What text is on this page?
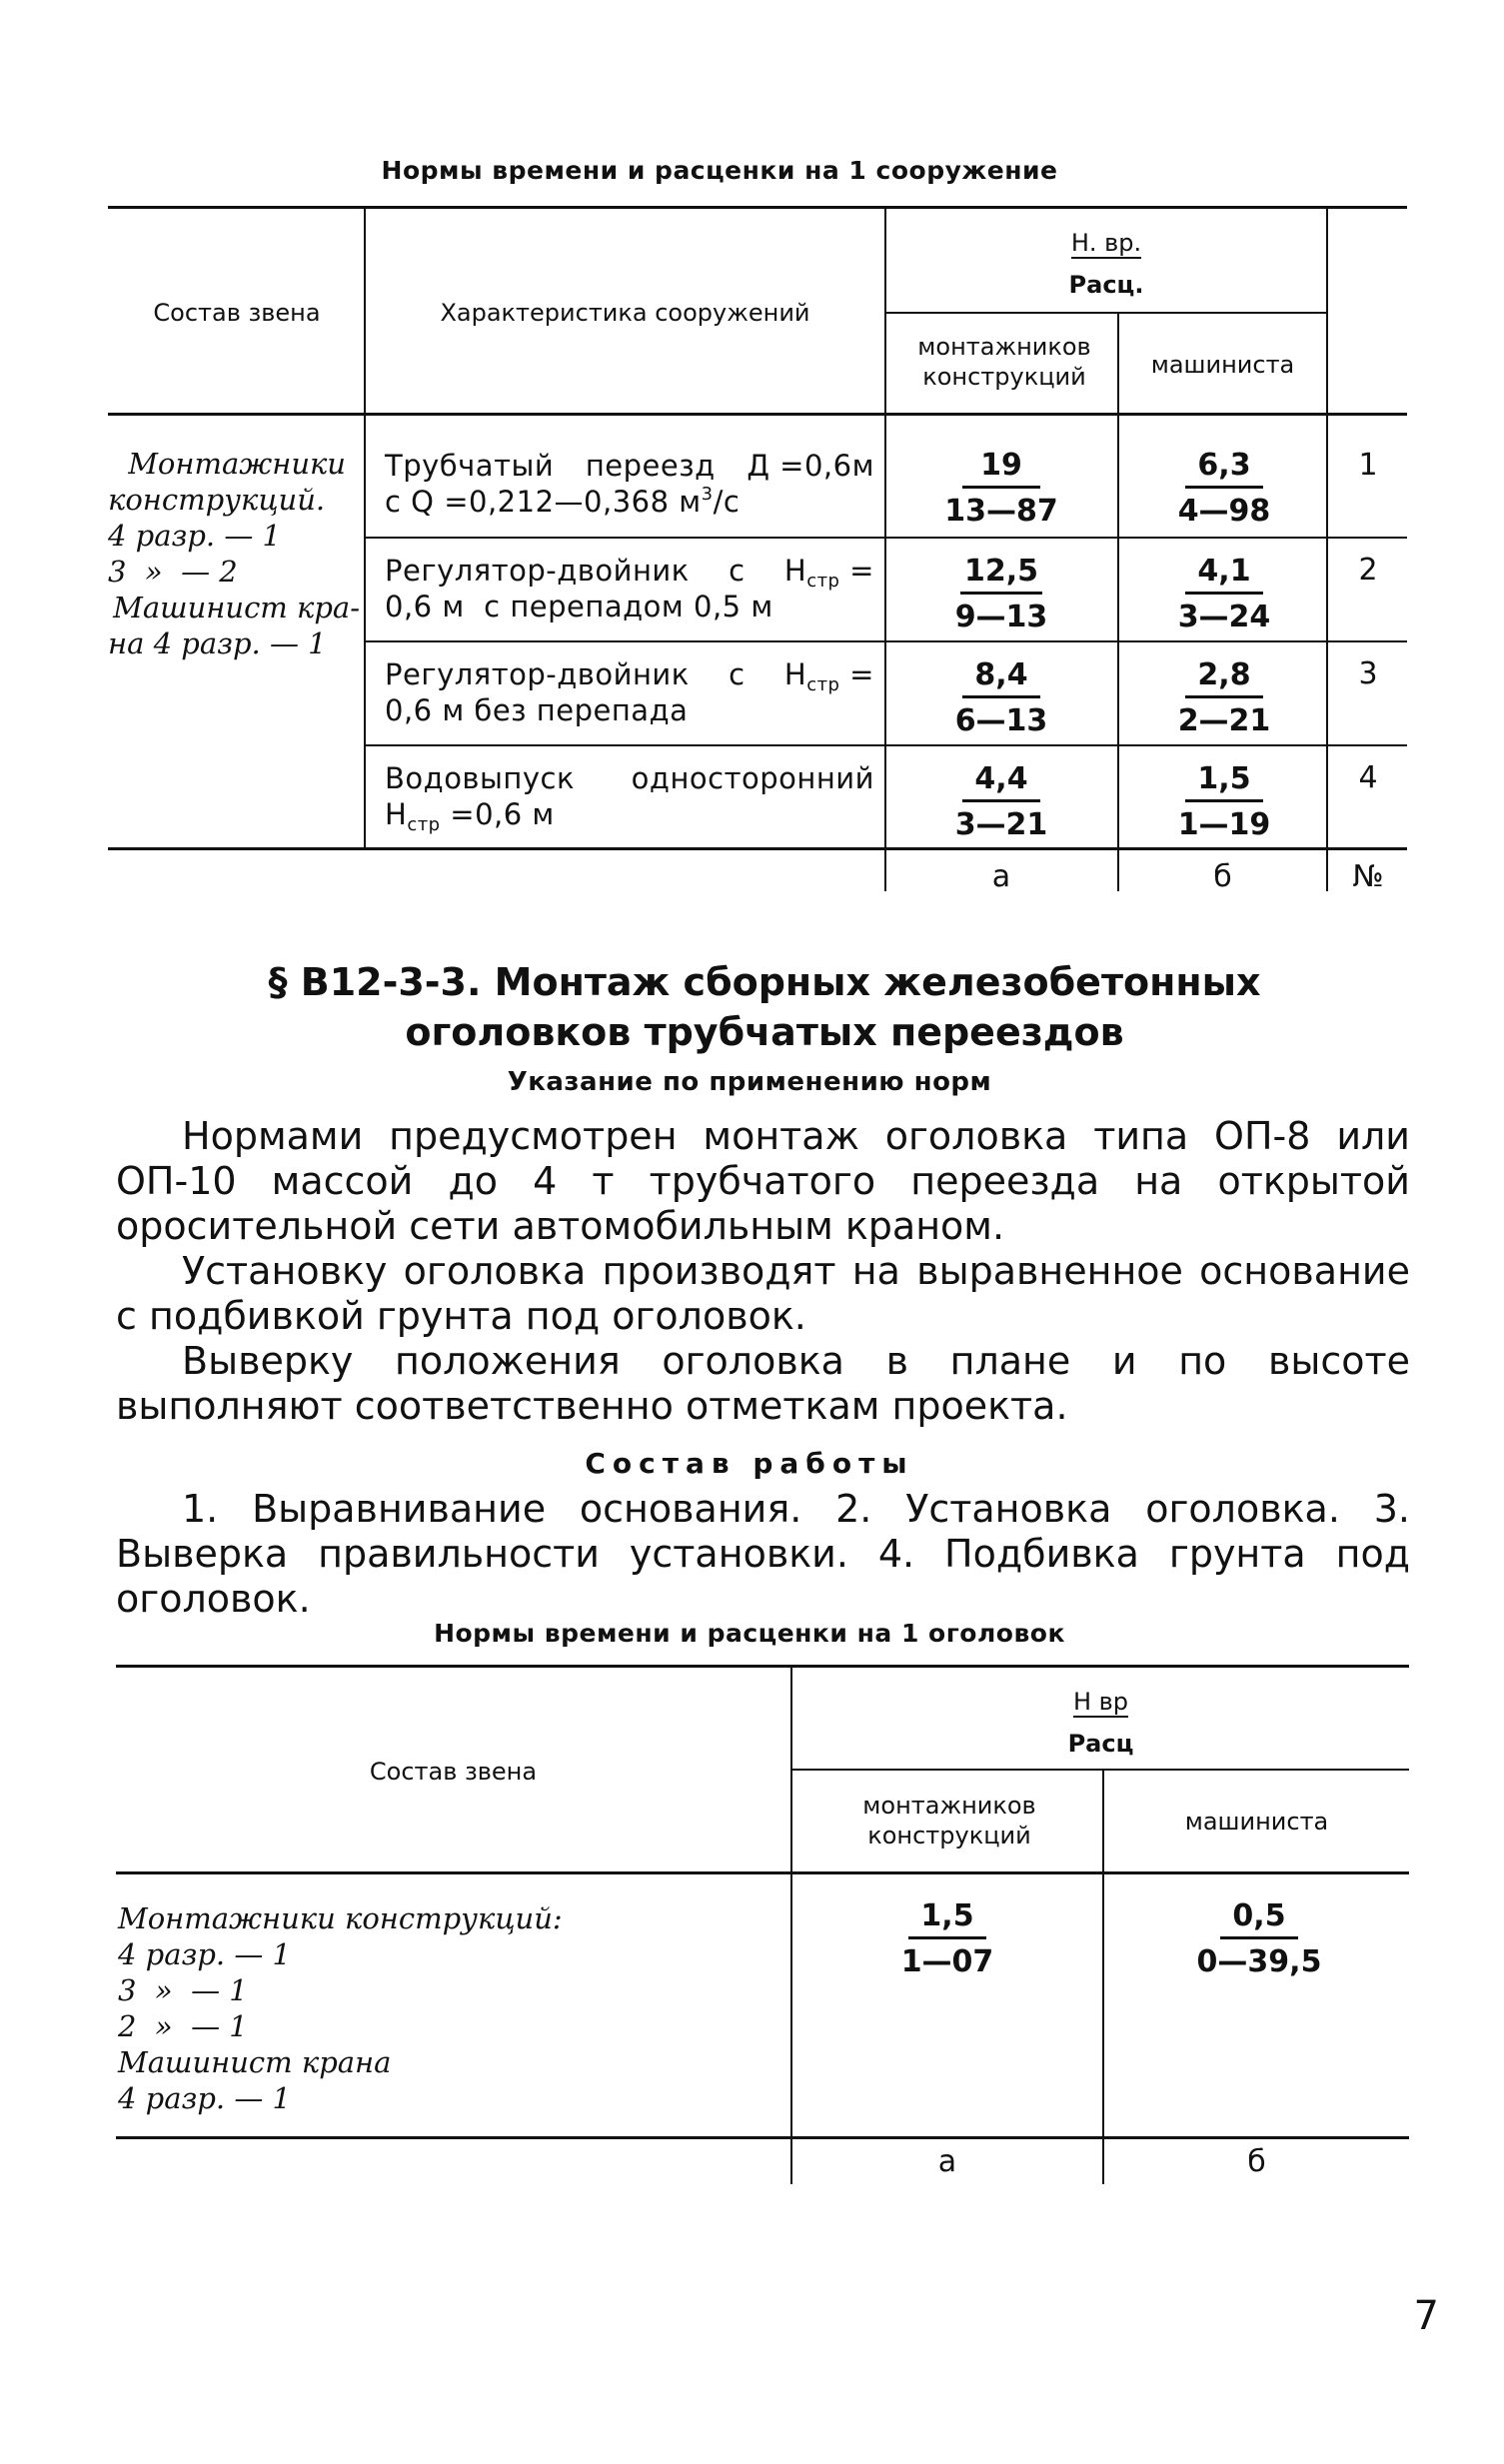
Нормы времени и расценки на 1 сооружение
Состав звена	Характеристика сооружений
Н. вр.
Расц.
монтажников конструкций	машиниста
Монтажники
конструкций.
4 разр. — 1
3  »  — 2
Машинист кра-
на 4 разр. — 1
Трубчатый переезд Д =0,6м
с Q =0,212—0,368 $м^3/с$	$\frac{19}{13—87}$	$\frac{6,3}{4—98}$	1
Регулятор-двойник с $Н_{стр}$ =
0,6 м  с перепадом 0,5 м	$\frac{12,5}{9—13}$	$\frac{4,1}{3—24}$	2
Регулятор-двойник с $Н_{стр}$ =
0,6 м без перепада	$\frac{8,4}{6—13}$	$\frac{2,8}{2—21}$	3
Водовыпуск односторонний
$Н_{стр} =0,6$ м	$\frac{4,4}{3—21}$	$\frac{1,5}{1—19}$	4
а	б	№
§ В12-3-3. Монтаж сборных железобетонных
оголовков трубчатых переездов
Указание по применению норм

Нормами предусмотрен монтаж оголовка типа ОП-8 или ОП-10 массой до 4 т трубчатого переезда на открытой оросительной сети автомобильным краном.

Установку оголовка производят на выравненное основание с подбивкой грунта под оголовок.

Выверку положения оголовка в плане и по высоте выполняют соответственно отметкам проекта.

Состав работы

1. Выравнивание основания. 2. Установка оголовка. 3. Выверка правильности установки. 4. Подбивка грунта под оголовок.

Нормы времени и расценки на 1 оголовок
Состав звена
Н вр
Расц
монтажников конструкций	машиниста
Монтажники конструкций:
4 разр. — 1
3  »  — 1
2  »  — 1
Машинист крана
4 разр. — 1
$\frac{1,5}{1—07}$	$\frac{0,5}{0—39,5}$
а	б
7
